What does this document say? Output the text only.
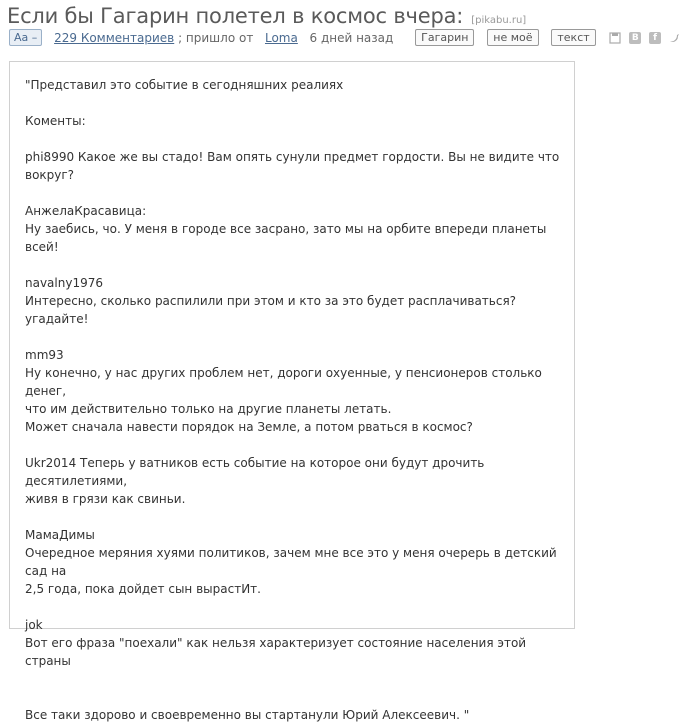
Если бы Гагарин полетел в космос вчера: [pikabu.ru]
Aa – 229 Комментариев ; пришло от Loma 6 дней назад	Гагарин не моё текст	B f
"Представил это событие в сегодняшних реалиях
Коменты:
phi8990 Какое же вы стадо! Вам опять сунули предмет гордости. Вы не видите что
вокруг?
АнжелаКрасавица:
Ну заебись, чо. У меня в городе все засрано, зато мы на орбите впереди планеты всей!
navalny1976
Интересно, сколько распилили при этом и кто за это будет расплачиваться? угадайте!
mm93
Ну конечно, у нас других проблем нет, дороги охуенные, у пенсионеров столько денег,
что им действительно только на другие планеты летать.
Может сначала навести порядок на Земле, а потом рваться в космос?
Ukr2014 Теперь у ватников есть событие на которое они будут дрочить десятилетиями,
живя в грязи как свиньи.
МамаДимы
Очередное меряния хуями политиков, зачем мне все это у меня очерерь в детский сад на
2,5 года, пока дойдет сын вырастИт.
jok
Вот его фраза "поехали" как нельзя характеризует состояние населения этой страны
Все таки здорово и своевременно вы стартанули Юрий Алексеевич. "
